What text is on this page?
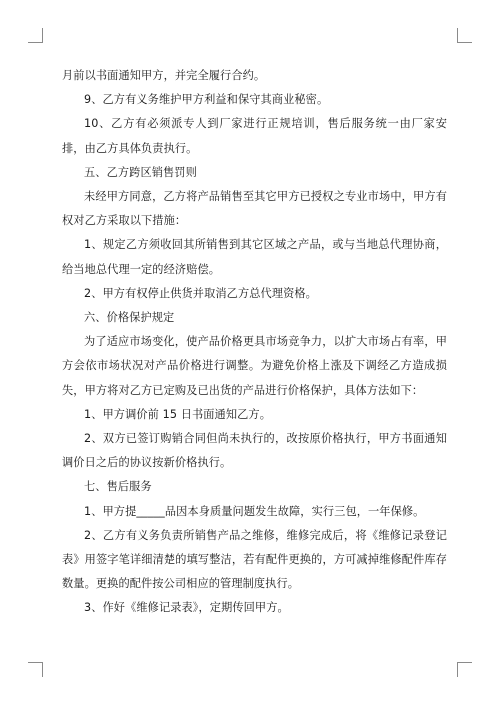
月前以书面通知甲方，并完全履行合约。

9、乙方有义务维护甲方利益和保守其商业秘密。

10、乙方有必须派专人到厂家进行正规培训，售后服务统一由厂家安排，由乙方具体负责执行。

五、乙方跨区销售罚则

未经甲方同意，乙方将产品销售至其它甲方已授权之专业市场中，甲方有权对乙方采取以下措施：

1、规定乙方须收回其所销售到其它区域之产品，或与当地总代理协商，给当地总代理一定的经济赔偿。

2、甲方有权停止供货并取消乙方总代理资格。

六、价格保护规定

为了适应市场变化，使产品价格更具市场竞争力，以扩大市场占有率，甲方会依市场状况对产品价格进行调整。为避免价格上涨及下调经乙方造成损失，甲方将对乙方已定购及已出货的产品进行价格保护，具体方法如下：

1、甲方调价前 15 日书面通知乙方。

2、双方已签订购销合同但尚未执行的，改按原价格执行，甲方书面通知调价日之后的协议按新价格执行。

七、售后服务

1、甲方提_____品因本身质量问题发生故障，实行三包，一年保修。

2、乙方有义务负责所销售产品之维修，维修完成后，将《维修记录登记表》用签字笔详细清楚的填写整洁，若有配件更换的，方可减掉维修配件库存数量。更换的配件按公司相应的管理制度执行。

3、作好《维修记录表》，定期传回甲方。
